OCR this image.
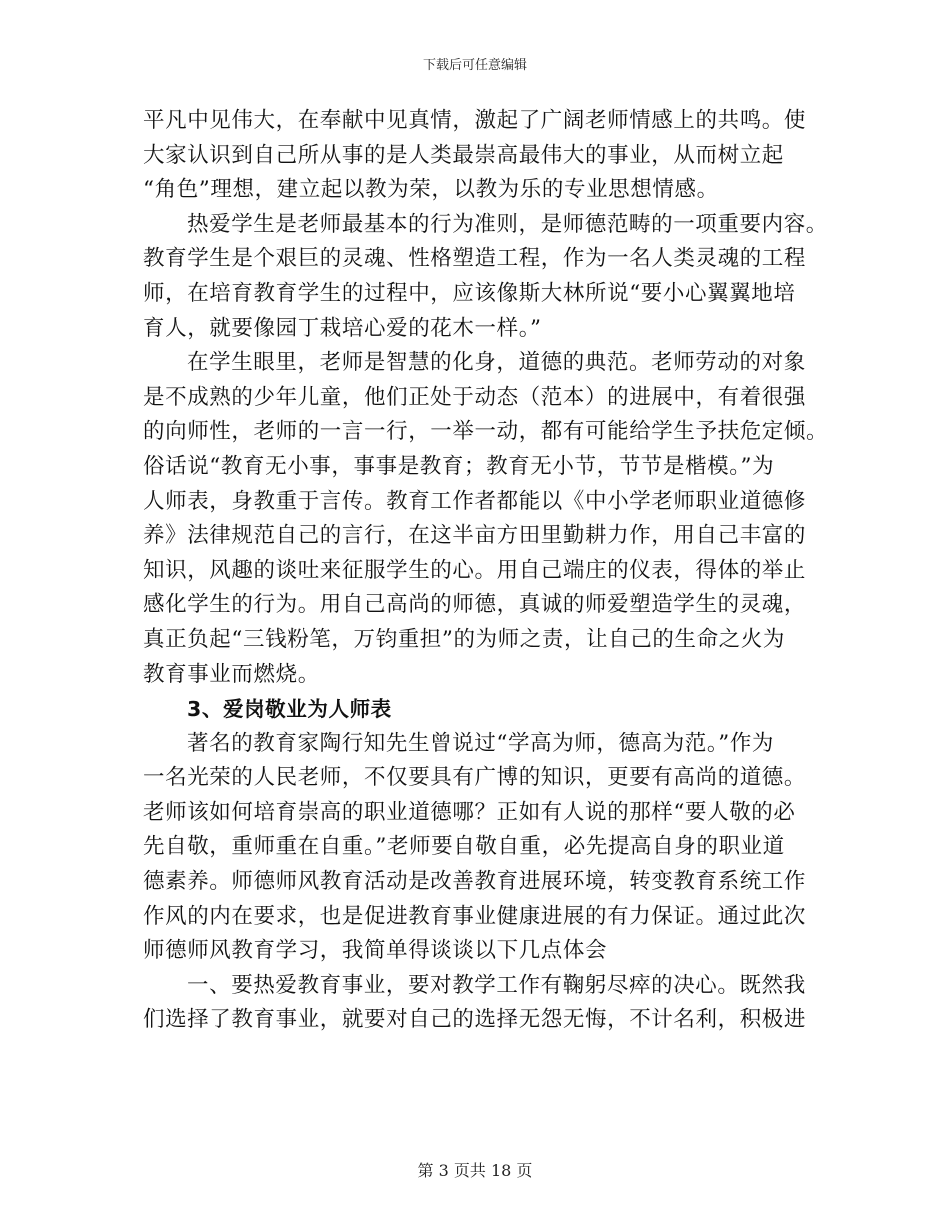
下载后可任意编辑
平凡中见伟大，在奉献中见真情，激起了广阔老师情感上的共鸣。使
大家认识到自己所从事的是人类最崇高最伟大的事业，从而树立起
“角色”理想，建立起以教为荣，以教为乐的专业思想情感。
热爱学生是老师最基本的行为准则，是师德范畴的一项重要内容。
教育学生是个艰巨的灵魂、性格塑造工程，作为一名人类灵魂的工程
师，在培育教育学生的过程中，应该像斯大林所说“要小心翼翼地培
育人，就要像园丁栽培心爱的花木一样。”
在学生眼里，老师是智慧的化身，道德的典范。老师劳动的对象
是不成熟的少年儿童，他们正处于动态（范本）的进展中，有着很强
的向师性，老师的一言一行，一举一动，都有可能给学生予扶危定倾。
俗话说“教育无小事，事事是教育；教育无小节，节节是楷模。”为
人师表，身教重于言传。教育工作者都能以《中小学老师职业道德修
养》法律规范自己的言行，在这半亩方田里勤耕力作，用自己丰富的
知识，风趣的谈吐来征服学生的心。用自己端庄的仪表，得体的举止
感化学生的行为。用自己高尚的师德，真诚的师爱塑造学生的灵魂，
真正负起“三钱粉笔，万钧重担”的为师之责，让自己的生命之火为
教育事业而燃烧。
3、爱岗敬业为人师表
著名的教育家陶行知先生曾说过“学高为师，德高为范。”作为
一名光荣的人民老师，不仅要具有广博的知识，更要有高尚的道德。
老师该如何培育崇高的职业道德哪？正如有人说的那样“要人敬的必
先自敬，重师重在自重。”老师要自敬自重，必先提高自身的职业道
德素养。师德师风教育活动是改善教育进展环境，转变教育系统工作
作风的内在要求，也是促进教育事业健康进展的有力保证。通过此次
师德师风教育学习，我简单得谈谈以下几点体会
一、要热爱教育事业，要对教学工作有鞠躬尽瘁的决心。既然我
们选择了教育事业，就要对自己的选择无怨无悔，不计名利，积极进
第 3 页共 18 页
